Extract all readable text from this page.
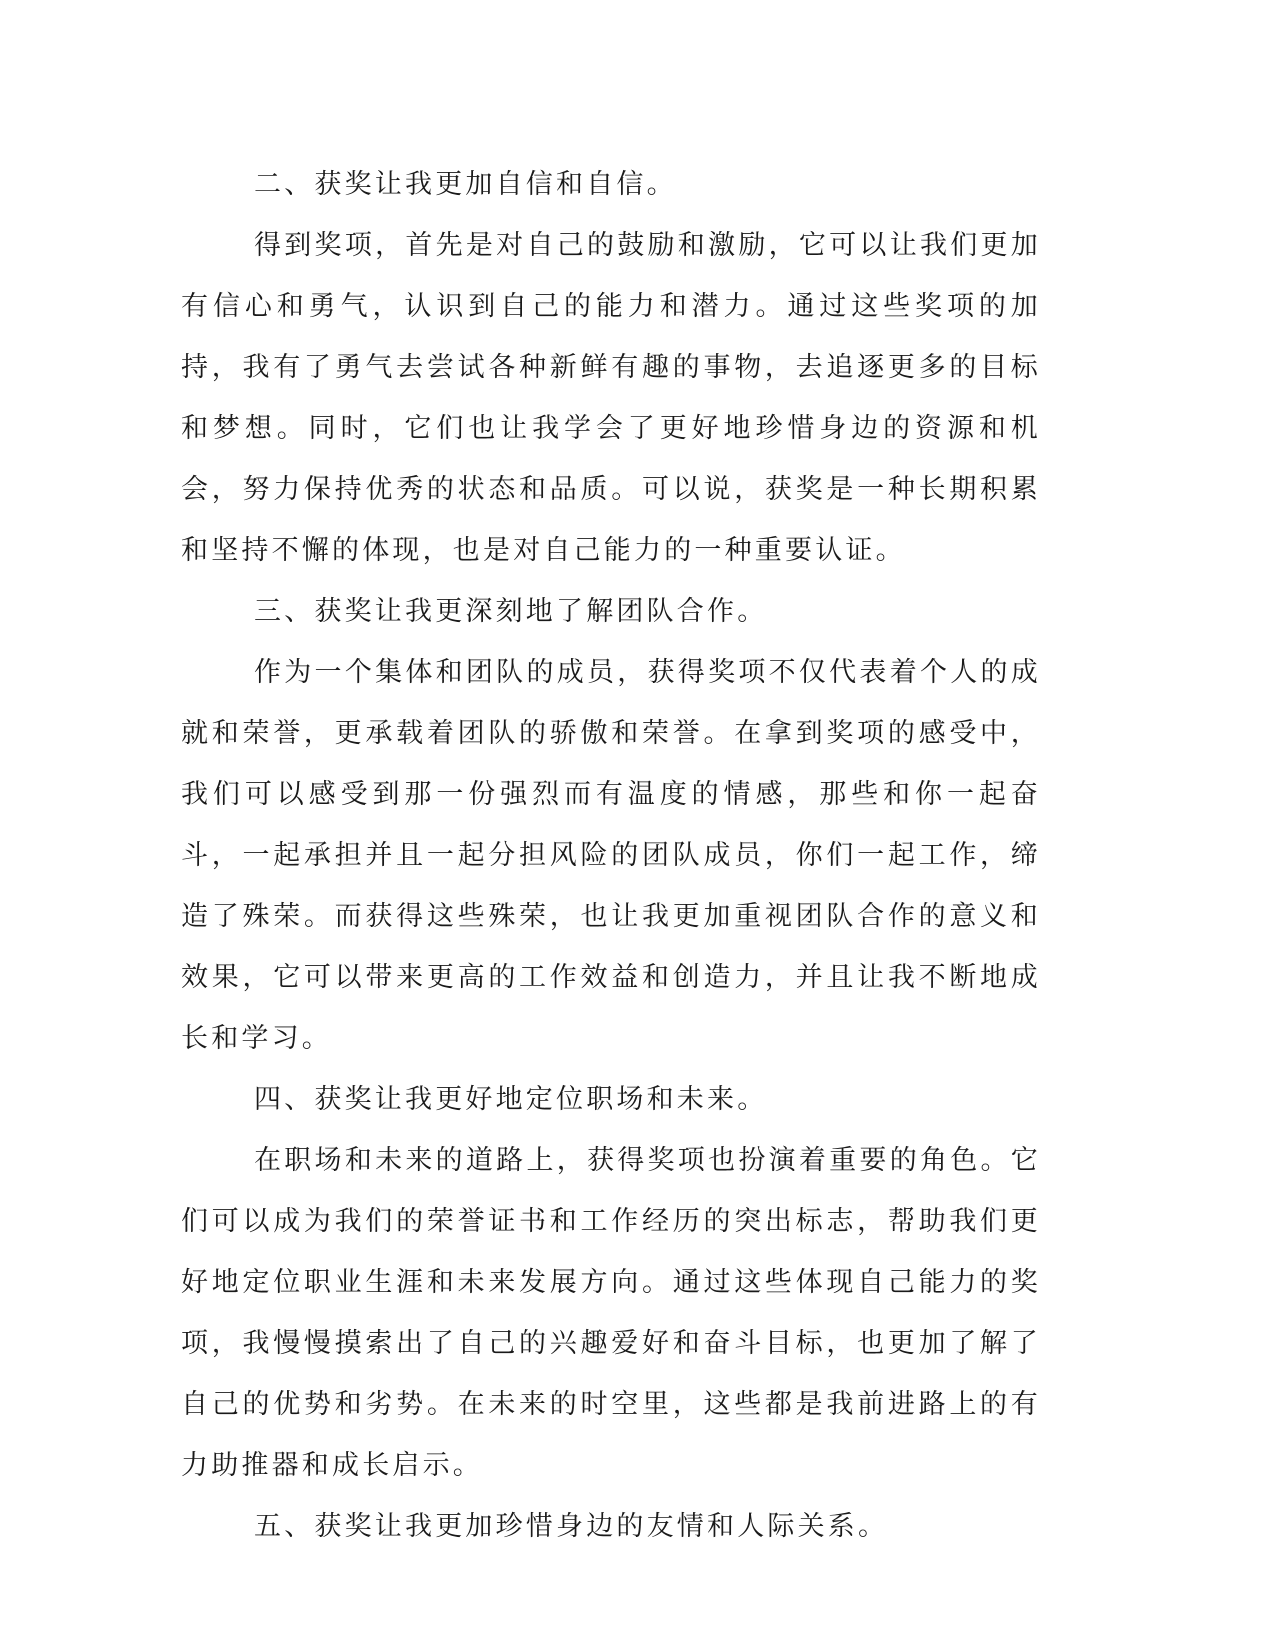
二、获奖让我更加自信和自信。

得到奖项，首先是对自己的鼓励和激励，它可以让我们更加有信心和勇气，认识到自己的能力和潜力。通过这些奖项的加持，我有了勇气去尝试各种新鲜有趣的事物，去追逐更多的目标和梦想。同时，它们也让我学会了更好地珍惜身边的资源和机会，努力保持优秀的状态和品质。可以说，获奖是一种长期积累和坚持不懈的体现，也是对自己能力的一种重要认证。

三、获奖让我更深刻地了解团队合作。

作为一个集体和团队的成员，获得奖项不仅代表着个人的成就和荣誉，更承载着团队的骄傲和荣誉。在拿到奖项的感受中，我们可以感受到那一份强烈而有温度的情感，那些和你一起奋斗，一起承担并且一起分担风险的团队成员，你们一起工作，缔造了殊荣。而获得这些殊荣，也让我更加重视团队合作的意义和效果，它可以带来更高的工作效益和创造力，并且让我不断地成长和学习。

四、获奖让我更好地定位职场和未来。

在职场和未来的道路上，获得奖项也扮演着重要的角色。它们可以成为我们的荣誉证书和工作经历的突出标志，帮助我们更好地定位职业生涯和未来发展方向。通过这些体现自己能力的奖项，我慢慢摸索出了自己的兴趣爱好和奋斗目标，也更加了解了自己的优势和劣势。在未来的时空里，这些都是我前进路上的有力助推器和成长启示。

五、获奖让我更加珍惜身边的友情和人际关系。
